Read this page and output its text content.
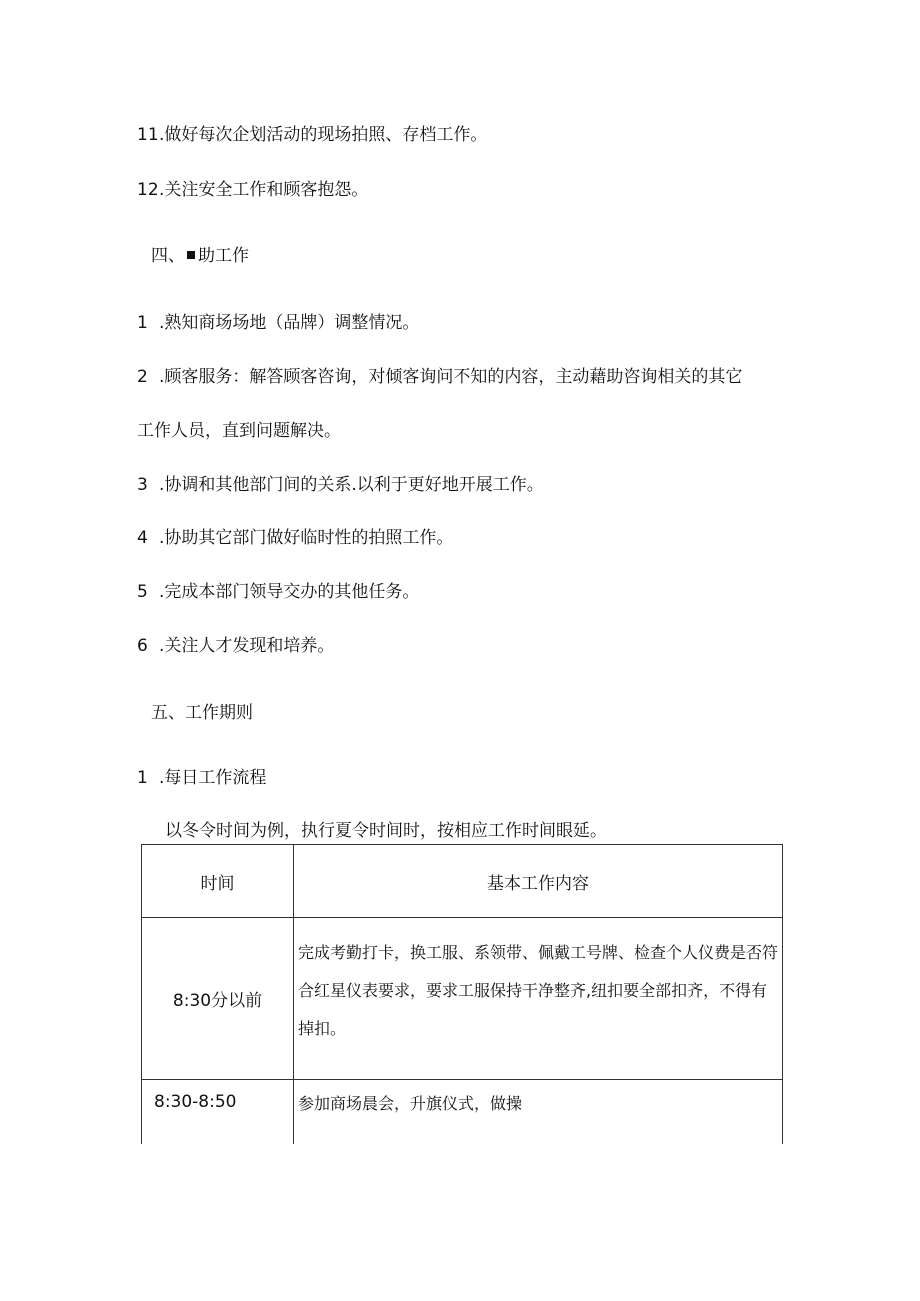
11.做好每次企划活动的现场拍照、存档工作。
12.关注安全工作和顾客抱怨。
四、 助工作
1 .熟知商场场地（品牌）调整情况。
2 .顾客服务：解答顾客咨询，对倾客询问不知的内容，主动藉助咨询相关的其它
工作人员，直到问题解决。
3 .协调和其他部门间的关系.以利于更好地开展工作。
4 .协助其它部门做好临时性的拍照工作。
5 .完成本部门领导交办的其他任务。
6 .关注人才发现和培养。
五、工作期则
1 .每日工作流程
以冬令时间为例，执行夏令时间时，按相应工作时间眼延。
时间	基本工作内容
8:30分以前	完成考勤打卡，换工服、系领带、佩戴工号牌、检查个人仪费是否符合红星仪表要求，要求工服保持干净整齐,纽扣要全部扣齐，不得有掉扣。
8:30-8:50	参加商场晨会，升旗仪式，做操
